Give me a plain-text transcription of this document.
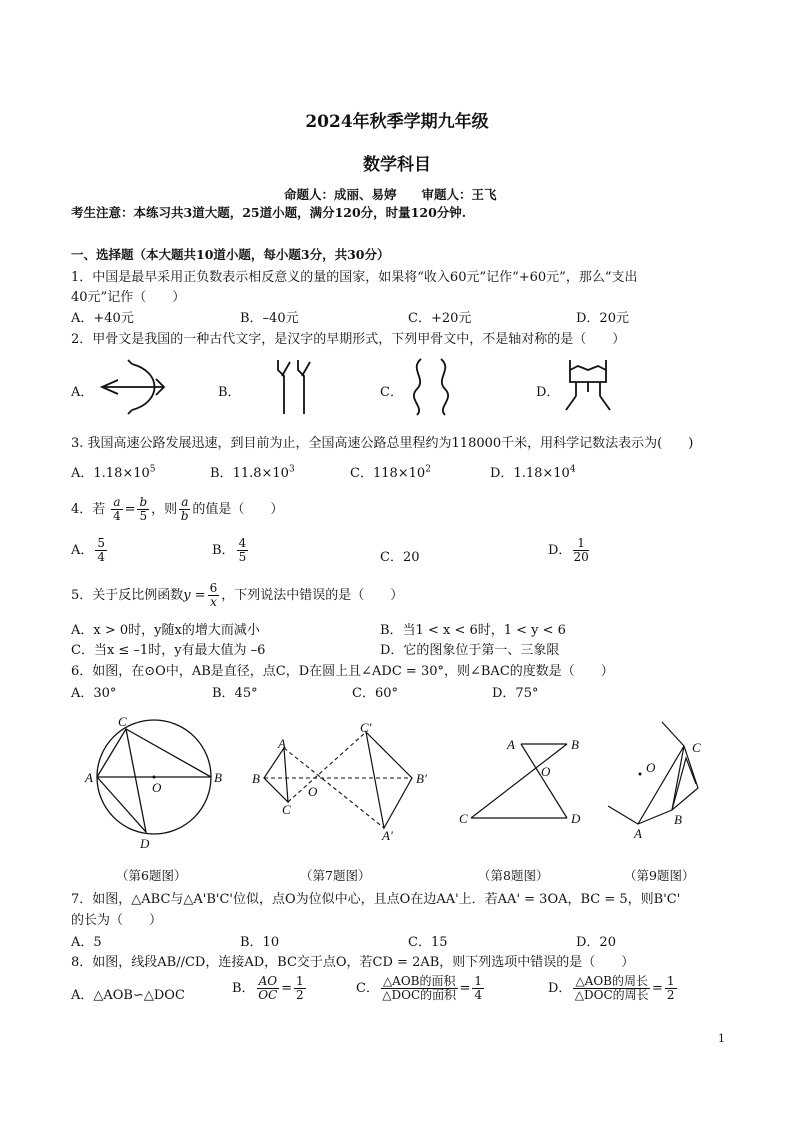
2024年秋季学期九年级
数学科目
命题人：成丽、易婷　　审题人：王飞
考生注意：本练习共3道大题，25道小题，满分120分，时量120分钟.
一、选择题（本大题共10道小题，每小题3分，共30分）
1．中国是最早采用正负数表示相反意义的量的国家，如果将“收入60元”记作“+60元”，那么“支出
40元”记作（　　）
A．+40元	B．–40元	C．+20元	D．20元
2．甲骨文是我国的一种古代文字，是汉字的早期形式，下列甲骨文中，不是轴对称的是（　　）
A．	B．	C．	D．
3. 我国高速公路发展迅速，到目前为止，全国高速公路总里程约为118000千米，用科学记数法表示为(　　)
A．$1.18\times 10^5$	B．$11.8\times 10^3$	C．$118\times 10^2$	D．$1.18\times 10^4$
4．若 $\frac{a}{4} = \frac{b}{5}$ ，则 $\frac{a}{b}$ 的值是（　　）
A． $\frac{5}{4}$	B． $\frac{4}{5}$	C．20	D． $\frac{1}{20}$
5．关于反比例函数$y = \frac{6}{x}$ ，下列说法中错误的是（　　）
A．x > 0时，y随x的增大而减小	B．当1 < x < 6时，1 < y < 6
C．当x ≤ –1时，y有最大值为 –6	D．它的图象位于第一、三象限
6．如图，在⊙O中，AB是直径，点C，D在圆上且∠ADC = 30°，则∠BAC的度数是（　　）
A．30°	B．45°	C．60°	D．75°
C
A
O
B
D
A
B
C
O
C'
B'
A'
A	B
O
C	D
O
C
A
B
（第6题图）	（第7题图）	（第8题图）	（第9题图）
7．如图，△ABC与△A'B'C'位似，点O为位似中心，且点O在边AA'上．若AA' = 3OA，BC = 5，则B'C'
的长为（　　）
A．5	B．10	C．15	D．20
8．如图，线段AB//CD，连接AD，BC交于点O，若CD = 2AB，则下列选项中错误的是（　　）
A．△AOB∽△DOC	B． $\frac{AO}{OC} = \frac{1}{2}$	C． $\frac{\text{△AOB的面积}}{\text{△DOC的面积}} = \frac{1}{4}$	D． $\frac{\text{△AOB的周长}}{\text{△DOC的周长}} = \frac{1}{2}$
1
